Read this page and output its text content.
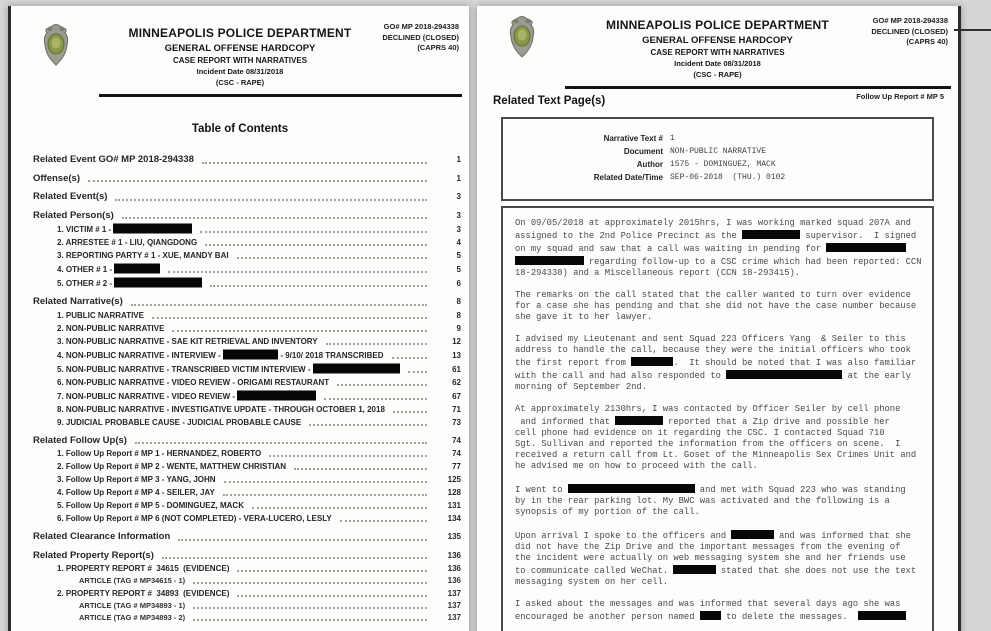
MINNEAPOLIS POLICE DEPARTMENT
GENERAL OFFENSE HARDCOPY
CASE REPORT WITH NARRATIVES
Incident Date 08/31/2018
(CSC - RAPE)
GO# MP 2018-294338
DECLINED (CLOSED)
(CAPRS 40)
Table of Contents
Related Event GO# MP 2018-294338	1
Offense(s)	1
Related Event(s)	3
Related Person(s)	3
1. VICTIM # 1 -	3
2. ARRESTEE # 1 - LIU, QIANGDONG	4
3. REPORTING PARTY # 1 - XUE, MANDY BAI	5
4. OTHER # 1 -	5
5. OTHER # 2 -	6
Related Narrative(s)	8
1. PUBLIC NARRATIVE	8
2. NON-PUBLIC NARRATIVE	9
3. NON-PUBLIC NARRATIVE - SAE KIT RETRIEVAL AND INVENTORY	12
4. NON-PUBLIC NARRATIVE - INTERVIEW -	- 9/10/ 2018 TRANSCRIBED	13
5. NON-PUBLIC NARRATIVE - TRANSCRIBED VICTIM INTERVIEW -	61
6. NON-PUBLIC NARRATIVE - VIDEO REVIEW - ORIGAMI RESTAURANT	62
7. NON-PUBLIC NARRATIVE - VIDEO REVIEW -	67
8. NON-PUBLIC NARRATIVE - INVESTIGATIVE UPDATE - THROUGH OCTOBER 1, 2018	71
9. JUDICIAL PROBABLE CAUSE - JUDICIAL PROBABLE CAUSE	73
Related Follow Up(s)	74
1. Follow Up Report # MP 1 - HERNANDEZ, ROBERTO	74
2. Follow Up Report # MP 2 - WENTE, MATTHEW CHRISTIAN	77
3. Follow Up Report # MP 3 - YANG, JOHN	125
4. Follow Up Report # MP 4 - SEILER, JAY	128
5. Follow Up Report # MP 5 - DOMINGUEZ, MACK	131
6. Follow Up Report # MP 6 (NOT COMPLETED) - VERA-LUCERO, LESLY	134
Related Clearance Information	135
Related Property Report(s)	136
1. PROPERTY REPORT #  34615  (EVIDENCE)	136
ARTICLE (TAG # MP34615 - 1)	136
2. PROPERTY REPORT #  34893  (EVIDENCE)	137
ARTICLE (TAG # MP34893 - 1)	137
ARTICLE (TAG # MP34893 - 2)	137
MINNEAPOLIS POLICE DEPARTMENT
GENERAL OFFENSE HARDCOPY
CASE REPORT WITH NARRATIVES
Incident Date 08/31/2018
(CSC - RAPE)
GO# MP 2018-294338
DECLINED (CLOSED)
(CAPRS 40)
Follow Up Report # MP 5
Related Text Page(s)
Narrative Text # 1
Document NON-PUBLIC NARRATIVE
Author 1575 - DOMINGUEZ, MACK
Related Date/Time SEP-06-2018  (THU.) 0102
On 09/05/2018 at approximately 2015hrs, I was working marked squad 207A and
assigned to the 2nd Police Precinct as the	supervisor.  I signed
on my squad and saw that a call was waiting in pending for
regarding follow-up to a CSC crime which had been reported: CCN
18-294338) and a Miscellaneous report (CCN 18-293415).
The remarks on the call stated that the caller wanted to turn over evidence
for a case she has pending and that she did not have the case number because
she gave it to her lawyer.
I advised my Lieutenant and sent Squad 223 Officers Yang  & Seiler to this
address to handle the call, because they were the initial officers who took
the first report from	.  It should be noted that I was also familiar
with the call and had also responded to	at the early
morning of September 2nd.
At approximately 2130hrs, I was contacted by Officer Seiler by cell phone
and informed that	reported that a Zip drive and possible her
cell phone had evidence on it regarding the CSC. I contacted Squad 710
Sgt. Sullivan and reported the information from the officers on scene.  I
received a return call from Lt. Goset of the Minneapolis Sex Crimes Unit and
he advised me on how to proceed with the call.
I went to	and met with Squad 223 who was standing
by in the rear parking lot. My BWC was activated and the following is a
synopsis of my portion of the call.
Upon arrival I spoke to the officers and	and was informed that she
did not have the Zip Drive and the important messages from the evening of
the incident were actually on web messaging system she and her friends use
to communicate called WeChat.	stated that she does not use the text
messaging system on her cell.
I asked about the messages and was informed that several days ago she was
encouraged be another person named  to delete the messages.
